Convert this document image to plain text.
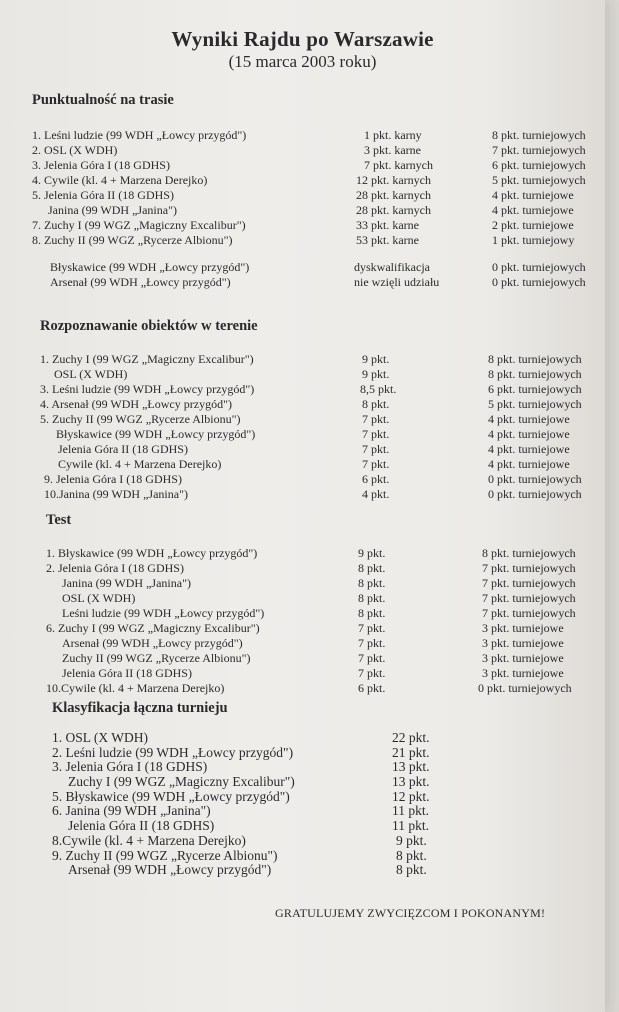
Wyniki Rajdu po Warszawie
(15 marca 2003 roku)
Punktualność na trasie
1. Leśni ludzie (99 WDH „Łowcy przygód")	1 pkt. karny	8 pkt. turniejowych
2. OSL (X WDH)	3 pkt. karne	7 pkt. turniejowych
3. Jelenia Góra I (18 GDHS)	7 pkt. karnych	6 pkt. turniejowych
4. Cywile (kl. 4 + Marzena Derejko)	12 pkt. karnych	5 pkt. turniejowych
5. Jelenia Góra II (18 GDHS)	28 pkt. karnych	4 pkt. turniejowe
Janina (99 WDH „Janina")	28 pkt. karnych	4 pkt. turniejowe
7. Zuchy I (99 WGZ „Magiczny Excalibur")	33 pkt. karne	2 pkt. turniejowe
8. Zuchy II (99 WGZ „Rycerze Albionu")	53 pkt. karne	1 pkt. turniejowy
Błyskawice (99 WDH „Łowcy przygód")	dyskwalifikacja	0 pkt. turniejowych
Arsenał (99 WDH „Łowcy przygód")	nie wzięli udziału	0 pkt. turniejowych
Rozpoznawanie obiektów w terenie
1. Zuchy I (99 WGZ „Magiczny Excalibur")	9 pkt.	8 pkt. turniejowych
OSL (X WDH)	9 pkt.	8 pkt. turniejowych
3. Leśni ludzie (99 WDH „Łowcy przygód")	8,5 pkt.	6 pkt. turniejowych
4. Arsenał (99 WDH „Łowcy przygód")	8 pkt.	5 pkt. turniejowych
5. Zuchy II (99 WGZ „Rycerze Albionu")	7 pkt.	4 pkt. turniejowe
Błyskawice (99 WDH „Łowcy przygód")	7 pkt.	4 pkt. turniejowe
Jelenia Góra II (18 GDHS)	7 pkt.	4 pkt. turniejowe
Cywile (kl. 4 + Marzena Derejko)	7 pkt.	4 pkt. turniejowe
9. Jelenia Góra I (18 GDHS)	6 pkt.	0 pkt. turniejowych
10.Janina (99 WDH „Janina")	4 pkt.	0 pkt. turniejowych
Test
1. Błyskawice (99 WDH „Łowcy przygód")	9 pkt.	8 pkt. turniejowych
2. Jelenia Góra I (18 GDHS)	8 pkt.	7 pkt. turniejowych
Janina (99 WDH „Janina")	8 pkt.	7 pkt. turniejowych
OSL (X WDH)	8 pkt.	7 pkt. turniejowych
Leśni ludzie (99 WDH „Łowcy przygód")	8 pkt.	7 pkt. turniejowych
6. Zuchy I (99 WGZ „Magiczny Excalibur")	7 pkt.	3 pkt. turniejowe
Arsenał (99 WDH „Łowcy przygód")	7 pkt.	3 pkt. turniejowe
Zuchy II (99 WGZ „Rycerze Albionu")	7 pkt.	3 pkt. turniejowe
Jelenia Góra II (18 GDHS)	7 pkt.	3 pkt. turniejowe
10.Cywile (kl. 4 + Marzena Derejko)	6 pkt.	0 pkt. turniejowych
Klasyfikacja łączna turnieju
1. OSL (X WDH)	22 pkt.
2. Leśni ludzie (99 WDH „Łowcy przygód")	21 pkt.
3. Jelenia Góra I (18 GDHS)	13 pkt.
Zuchy I (99 WGZ „Magiczny Excalibur")	13 pkt.
5. Błyskawice (99 WDH „Łowcy przygód")	12 pkt.
6. Janina (99 WDH „Janina")	11 pkt.
Jelenia Góra II (18 GDHS)	11 pkt.
8.Cywile (kl. 4 + Marzena Derejko)	9 pkt.
9. Zuchy II (99 WGZ „Rycerze Albionu")	8 pkt.
Arsenał (99 WDH „Łowcy przygód")	8 pkt.
GRATULUJEMY ZWYCIĘZCOM I POKONANYM!
